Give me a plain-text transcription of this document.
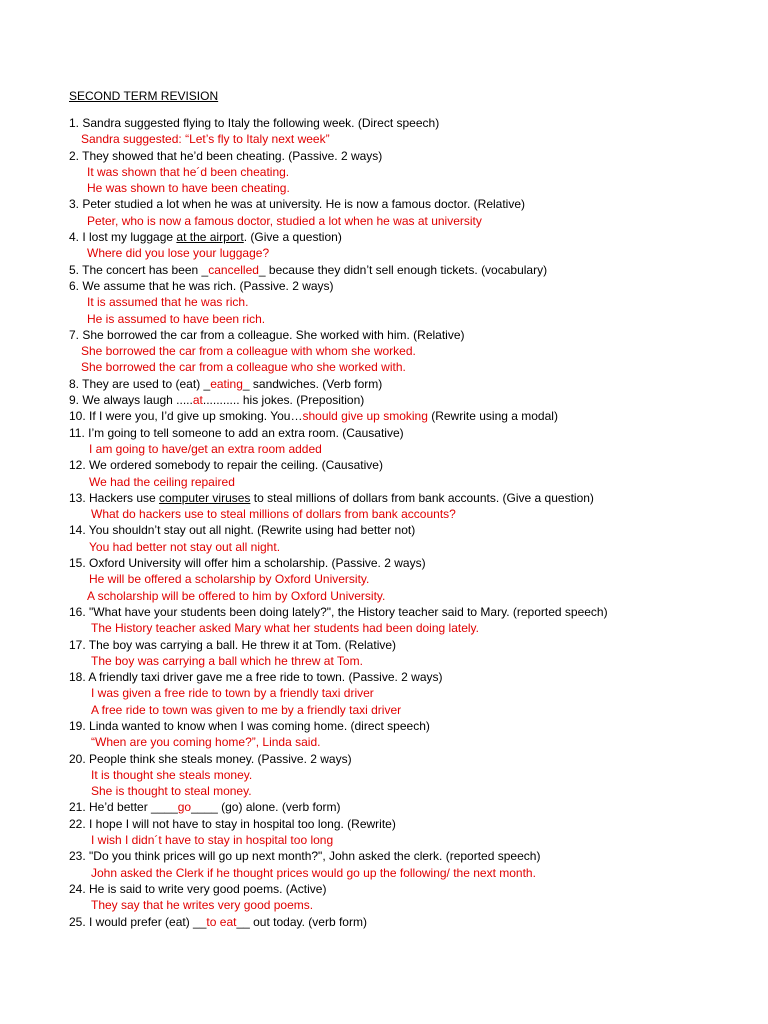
SECOND TERM REVISION
1. Sandra suggested flying to Italy the following week. (Direct speech)
Sandra suggested: “Let’s fly to Italy next week”
2. They showed that he’d been cheating. (Passive. 2 ways)
It was shown that he´d been cheating.
He was shown to have been cheating.
3. Peter studied a lot when he was at university. He is now a famous doctor. (Relative)
Peter, who is now a famous doctor, studied a lot when he was at university
4. I lost my luggage at the airport. (Give a question)
Where did you lose your luggage?
5. The concert has been _cancelled_ because they didn’t sell enough tickets. (vocabulary)
6. We assume that he was rich. (Passive. 2 ways)
It is assumed that he was rich.
He is assumed to have been rich.
7. She borrowed the car from a colleague. She worked with him. (Relative)
She borrowed the car from a colleague with whom she worked.
She borrowed the car from a colleague who she worked with.
8. They are used to (eat) _eating_ sandwiches. (Verb form)
9. We always laugh .....at........... his jokes. (Preposition)
10. If I were you, I’d give up smoking. You…should give up smoking (Rewrite using a modal)
11. I’m going to tell someone to add an extra room. (Causative)
I am going to have/get an extra room added
12. We ordered somebody to repair the ceiling. (Causative)
We had the ceiling repaired
13. Hackers use computer viruses to steal millions of dollars from bank accounts. (Give a question)
What do hackers use to steal millions of dollars from bank accounts?
14. You shouldn’t stay out all night. (Rewrite using had better not)
You had better not stay out all night.
15. Oxford University will offer him a scholarship. (Passive. 2 ways)
He will be offered a scholarship by Oxford University.
A scholarship will be offered to him by Oxford University.
16. "What have your students been doing lately?", the History teacher said to Mary. (reported speech)
The History teacher asked Mary what her students had been doing lately.
17. The boy was carrying a ball. He threw it at Tom. (Relative)
The boy was carrying a ball which he threw at Tom.
18. A friendly taxi driver gave me a free ride to town. (Passive. 2 ways)
I was given a free ride to town by a friendly taxi driver
A free ride to town was given to me by a friendly taxi driver
19. Linda wanted to know when I was coming home. (direct speech)
“When are you coming home?”, Linda said.
20. People think she steals money. (Passive. 2 ways)
It is thought she steals money.
She is thought to steal money.
21. He’d better ____go____ (go) alone. (verb form)
22. I hope I will not have to stay in hospital too long. (Rewrite)
I wish I didn´t have to stay in hospital too long
23. "Do you think prices will go up next month?", John asked the clerk. (reported speech)
John asked the Clerk if he thought prices would go up the following/ the next month.
24. He is said to write very good poems. (Active)
They say that he writes very good poems.
25. I would prefer (eat) __to eat__ out today. (verb form)
